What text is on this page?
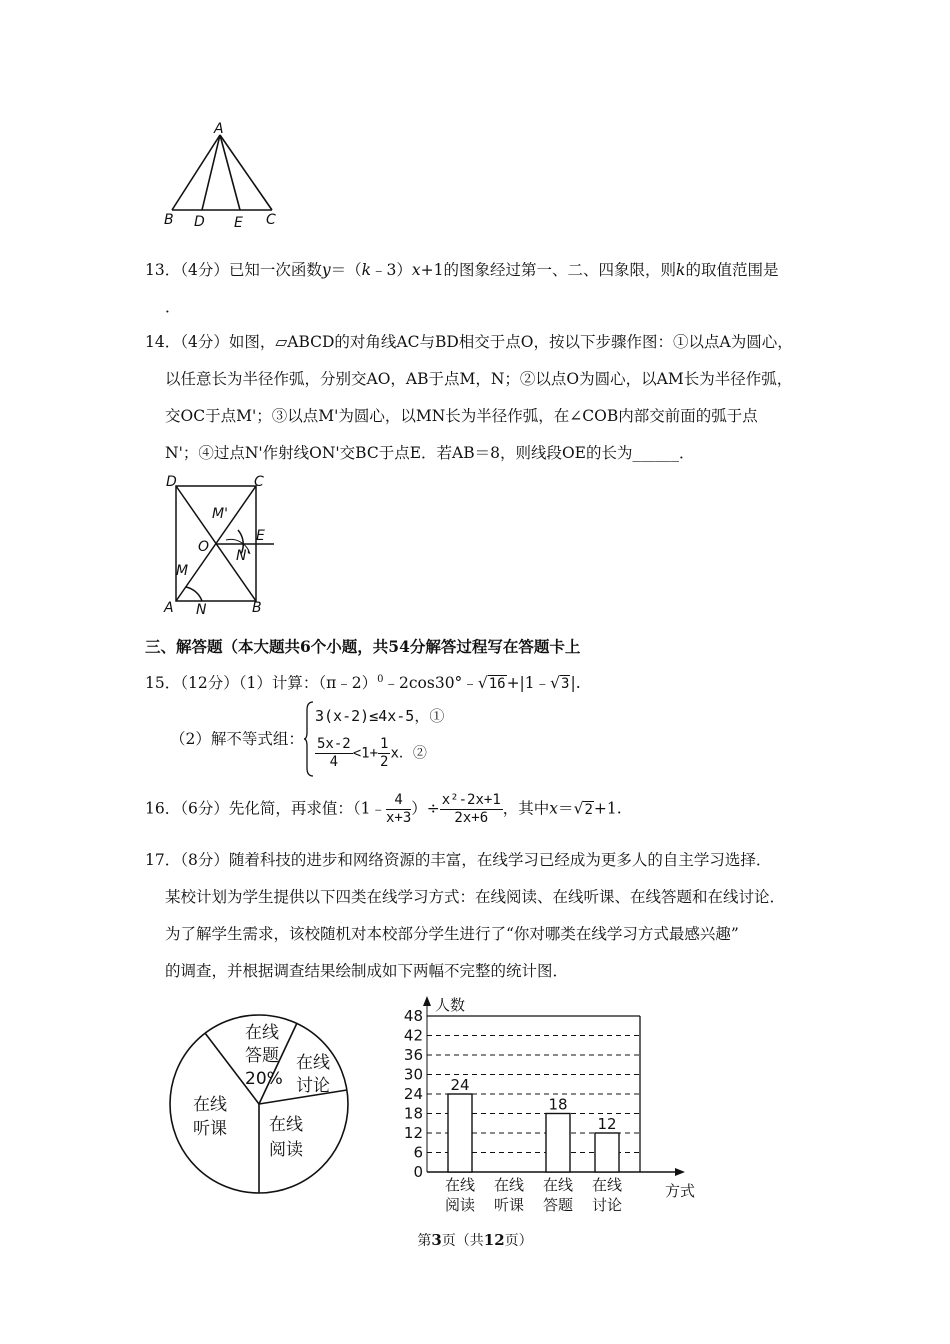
A
B D E C
13．（4分）已知一次函数y＝（k﹣3）x+1的图象经过第一、二、四象限，则k的取值范围是
．
14．（4分）如图，▱ABCD的对角线AC与BD相交于点O，按以下步骤作图：①以点A为圆心，
以任意长为半径作弧，分别交AO，AB于点M，N；②以点O为圆心，以AM长为半径作弧，
交OC于点M'；③以点M'为圆心，以MN长为半径作弧，在∠COB内部交前面的弧于点
N'；④过点N'作射线ON'交BC于点E．若AB＝8，则线段OE的长为______．
D	C
M'
E
O
N'
M
A N	B
三、解答题（本大题共6个小题，共54分解答过程写在答题卡上
15．（12分）（1）计算：（π﹣2）$^0$﹣2cos30°﹣√16+|1﹣√3|.
（2）解不等式组：
3(x-2)≤4x-5，①
$\frac{5x-2}{4} <1+ \frac{1}{2}$ x．②
16．（6分）先化简，再求值：（1﹣ $\frac{4}{x+3}$ ）÷ $\frac{\text{x²-2x+1}}{2x+6}$ ，其中x＝√2+1.
17．（8分）随着科技的进步和网络资源的丰富，在线学习已经成为更多人的自主学习选择．
某校计划为学生提供以下四类在线学习方式：在线阅读、在线听课、在线答题和在线讨论．
为了解学生需求，该校随机对本校部分学生进行了“你对哪类在线学习方式最感兴趣”
的调查，并根据调查结果绘制成如下两幅不完整的统计图．
在线
答题
20%
在线
讨论
在线
阅读
在线
听课
0
6
12
18
24
30
36
42
48
人数
方式
24
在线
阅读
在线
听课
18
在线
答题
12
在线
讨论
第3页（共12页）
